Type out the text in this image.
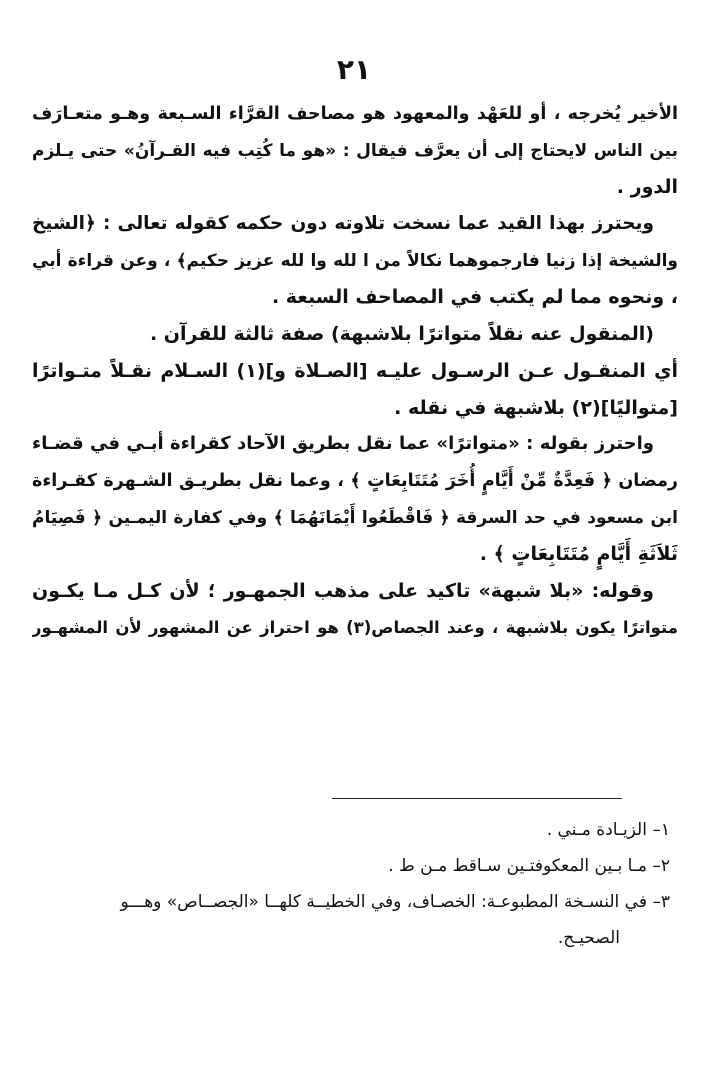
٢١
الأخير يُخرجه ، أو للعَهْد والمعهود هو مصاحف القرَّاء السـبعة وهـو متعـارَف
بين الناس لايحتاج إلى أن يعرَّف فيقال : «هو ما كُتِب فيه القـرآنُ» حتى يـلزم
الدور .
ويحترز بهذا القيد عما نسخت تلاوته دون حكمه كقوله تعالى : ﴿الشيخ
والشيخة إذا زنيا فارجموهما نكالاً من ا لله وا لله عزيز حكيم﴾ ، وعن قراءة أبي
، ونحوه مما لم يكتب في المصاحف السبعة .
(المنقول عنه نقلاً متواترًا بلاشبهة) صفة ثالثة للقرآن .
أي المنقـول عـن الرسـول عليـه [الصـلاة و](١) السـلام نقـلاً متـواترًا
[متواليًا](٢) بلاشبهة في نقله .
واحترز بقوله : «متواترًا» عما نقل بطريق الآحاد كقراءة أبـي في قضـاء
رمضان ﴿ فَعِدَّةٌ مِّنْ أَيَّامٍ أُخَرَ مُتَتَابِعَاتٍ ﴾ ، وعما نقل بطريـق الشـهرة كقـراءة
ابن مسعود في حد السرقة ﴿ فَاقْطَعُوا أَيْمَانَهُمَا ﴾ وفي كفارة اليمـين ﴿ فَصِيَامُ
ثَلاَثَةِ أَيَّامٍ مُتَتَابِعَاتٍ ﴾ .
وقوله: «بلا شبهة» تاكيد على مذهب الجمهـور ؛ لأن كـل مـا يكـون
متواترًا يكون بلاشبهة ، وعند الجصاص(٣) هو احتراز عن المشهور لأن المشهـور
١– الزيـادة مـني .
٢– مـا بـين المعكوفتـين سـاقط مـن ط .
٣– في النسـخة المطبوعـة: الخصـاف، وفي الخطيــة كلهــا «الجصــاص» وهـــو
الصحيـح.
